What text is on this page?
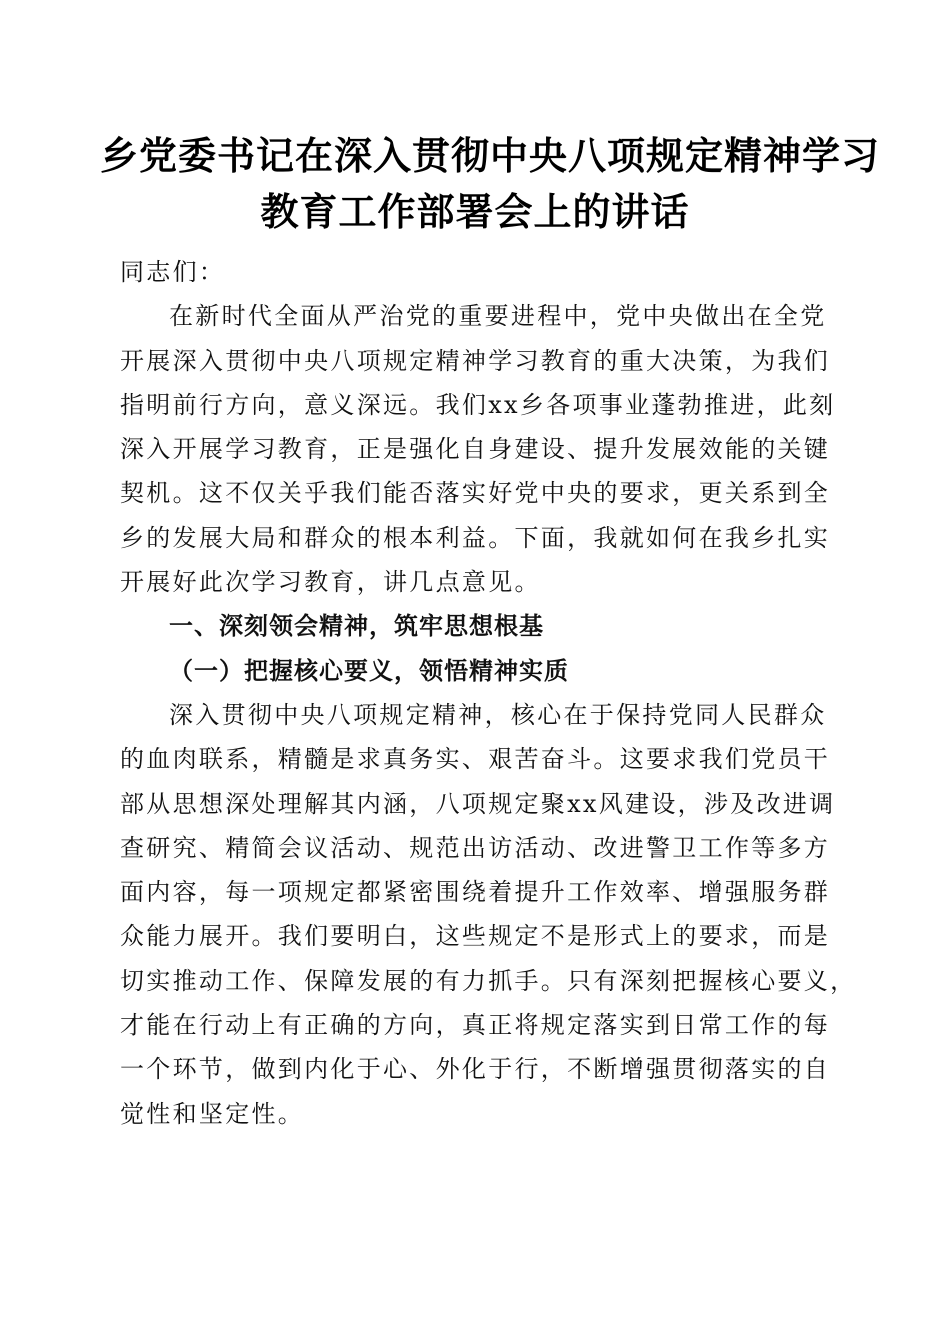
乡党委书记在深入贯彻中央八项规定精神学习
教育工作部署会上的讲话
同志们：
在新时代全面从严治党的重要进程中，党中央做出在全党
开展深入贯彻中央八项规定精神学习教育的重大决策，为我们
指明前行方向，意义深远。我们xx乡各项事业蓬勃推进，此刻
深入开展学习教育，正是强化自身建设、提升发展效能的关键
契机。这不仅关乎我们能否落实好党中央的要求，更关系到全
乡的发展大局和群众的根本利益。下面，我就如何在我乡扎实
开展好此次学习教育，讲几点意见。
一、深刻领会精神，筑牢思想根基
（一）把握核心要义，领悟精神实质
深入贯彻中央八项规定精神，核心在于保持党同人民群众
的血肉联系，精髓是求真务实、艰苦奋斗。这要求我们党员干
部从思想深处理解其内涵，八项规定聚xx风建设，涉及改进调
查研究、精简会议活动、规范出访活动、改进警卫工作等多方
面内容，每一项规定都紧密围绕着提升工作效率、增强服务群
众能力展开。我们要明白，这些规定不是形式上的要求，而是
切实推动工作、保障发展的有力抓手。只有深刻把握核心要义，
才能在行动上有正确的方向，真正将规定落实到日常工作的每
一个环节，做到内化于心、外化于行，不断增强贯彻落实的自
觉性和坚定性。
